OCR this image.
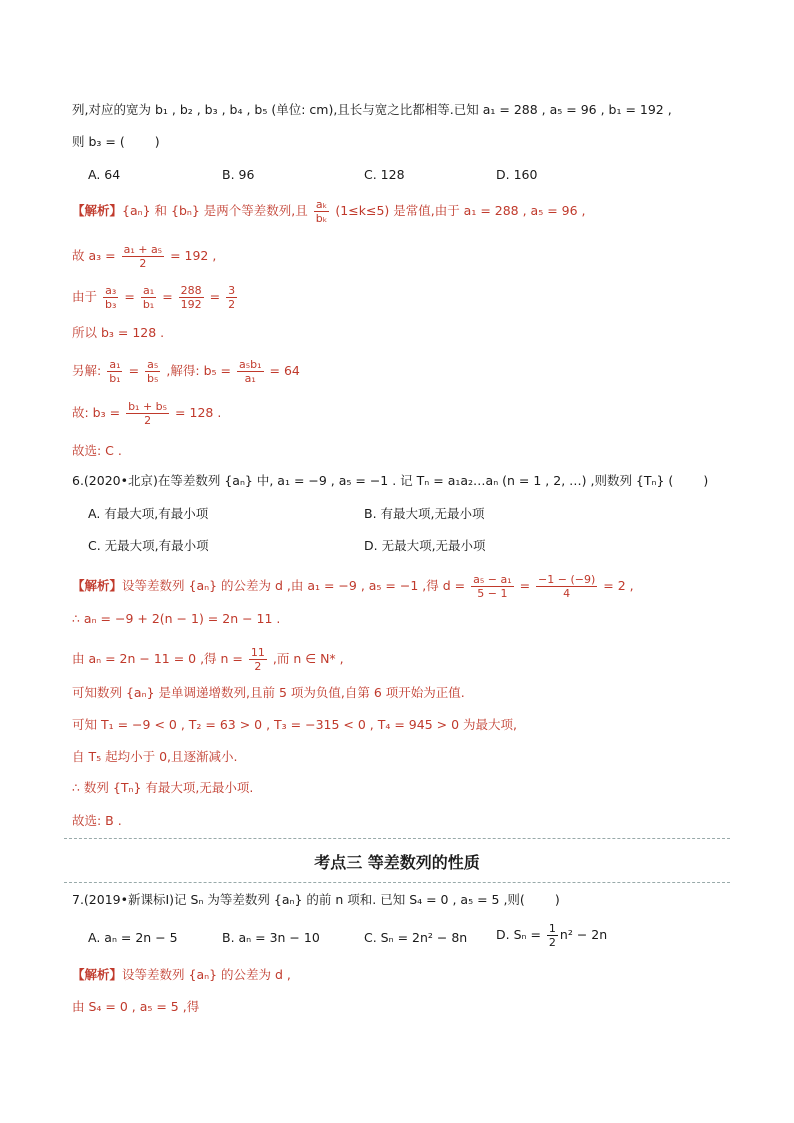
列,对应的宽为 b₁ , b₂ , b₃ , b₄ , b₅ (单位: cm),且长与宽之比都相等.已知 a₁ = 288 , a₅ = 96 , b₁ = 192 ,
则 b₃ = ( )
A. 64	B. 96	C. 128	D. 160
【解析】{aₙ} 和 {bₙ} 是两个等差数列,且 $\frac{\text{aₖ}}{\text{bₖ}} (1\le k\le 5)$ 是常值,由于 a₁ = 288 , a₅ = 96 ,
故 $a_3 = \frac{\text{a₁ + a₅}}{2} = 192$ ,
由于 $\frac{\text{a₃}}{\text{b₃}} = \frac{\text{a₁}}{\text{b₁}} = \frac{288}{192} = \frac{3}{2}$
所以 b₃ = 128 .
另解: $\frac{\text{a₁}}{\text{b₁}} = \frac{\text{a₅}}{\text{b₅}}$ ,解得: $b_5 = \frac{\text{a₅b₁}}{\text{a₁}} = 64$
故: $b_3 = \frac{\text{b₁ + b₅}}{2} = 128$ .
故选: C .
6.(2020•北京)在等差数列 {aₙ} 中, a₁ = −9 , a₅ = −1 . 记 Tₙ = a₁a₂…aₙ (n = 1 , 2, …) ,则数列 {Tₙ} ( )
A. 有最大项,有最小项	B. 有最大项,无最小项
C. 无最大项,有最小项	D. 无最大项,无最小项
【解析】设等差数列 {aₙ} 的公差为 d ,由 a₁ = −9 , a₅ = −1 ,得 $d = \frac{\text{a₅ − a₁}}{5 - 1} = \frac{-1 - (-9)}{4} = 2$ ,
∴ aₙ = −9 + 2(n − 1) = 2n − 11 .
由 aₙ = 2n − 11 = 0 ,得 $n = \frac{11}{2}$ ,而 n ∈ N* ,
可知数列 {aₙ} 是单调递增数列,且前 5 项为负值,自第 6 项开始为正值.
可知 T₁ = −9 < 0 , T₂ = 63 > 0 , T₃ = −315 < 0 , T₄ = 945 > 0 为最大项,
自 T₅ 起均小于 0,且逐渐减小.
∴ 数列 {Tₙ} 有最大项,无最小项.
故选: B .
考点三 等差数列的性质
7.(2019•新课标Ⅰ)记 Sₙ 为等差数列 {aₙ} 的前 n 项和. 已知 S₄ = 0 , a₅ = 5 ,则( )
A. aₙ = 2n − 5	B. aₙ = 3n − 10	C. Sₙ = 2n² − 8n D. $S_n = \frac{1}{2} n^2 - 2n$
【解析】设等差数列 {aₙ} 的公差为 d ,
由 S₄ = 0 , a₅ = 5 ,得
